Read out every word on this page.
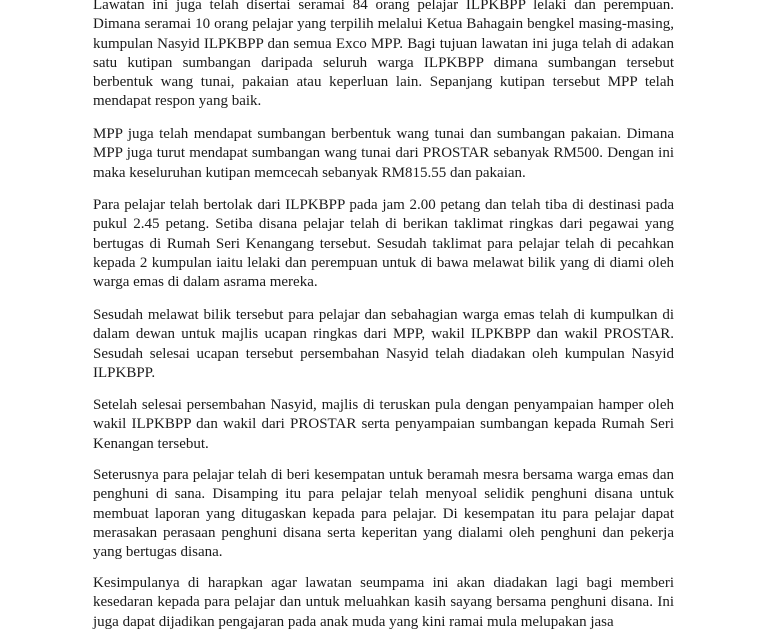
Lawatan ini juga telah disertai seramai 84 orang pelajar ILPKBPP lelaki dan perempuan. Dimana seramai 10 orang pelajar yang terpilih melalui Ketua Bahagain bengkel masing-masing, kumpulan Nasyid ILPKBPP dan semua Exco MPP. Bagi tujuan lawatan ini juga telah di adakan satu kutipan sumbangan daripada seluruh warga ILPKBPP dimana sumbangan tersebut berbentuk wang tunai, pakaian atau keperluan lain. Sepanjang kutipan tersebut MPP telah mendapat respon yang baik.

MPP juga telah mendapat sumbangan berbentuk wang tunai dan sumbangan pakaian. Dimana MPP juga turut mendapat sumbangan wang tunai dari PROSTAR sebanyak RM500. Dengan ini maka keseluruhan kutipan memcecah sebanyak RM815.55 dan pakaian.

Para pelajar telah bertolak dari ILPKBPP pada jam 2.00 petang dan telah tiba di destinasi pada pukul 2.45 petang. Setiba disana pelajar telah di berikan taklimat ringkas dari pegawai yang bertugas di Rumah Seri Kenangang tersebut. Sesudah taklimat para pelajar telah di pecahkan kepada 2 kumpulan iaitu lelaki dan perempuan untuk di bawa melawat bilik yang di diami oleh warga emas di dalam asrama mereka.

Sesudah melawat bilik tersebut para pelajar dan sebahagian warga emas telah di kumpulkan di dalam dewan untuk majlis ucapan ringkas dari MPP, wakil ILPKBPP dan wakil PROSTAR. Sesudah selesai ucapan tersebut persembahan Nasyid telah diadakan oleh kumpulan Nasyid ILPKBPP.

Setelah selesai persembahan Nasyid, majlis di teruskan pula dengan penyampaian hamper oleh wakil ILPKBPP dan wakil dari PROSTAR serta penyampaian sumbangan kepada Rumah Seri Kenangan tersebut.

Seterusnya para pelajar telah di beri kesempatan untuk beramah mesra bersama warga emas dan penghuni di sana. Disamping itu para pelajar telah menyoal selidik penghuni disana untuk membuat laporan yang ditugaskan kepada para pelajar. Di kesempatan itu para pelajar dapat merasakan perasaan penghuni disana serta keperitan yang dialami oleh penghuni dan pekerja yang bertugas disana.

Kesimpulanya di harapkan agar lawatan seumpama ini akan diadakan lagi bagi memberi kesedaran kepada para pelajar dan untuk meluahkan kasih sayang bersama penghuni disana. Ini juga dapat dijadikan pengajaran pada anak muda yang kini ramai mula melupakan jasa
